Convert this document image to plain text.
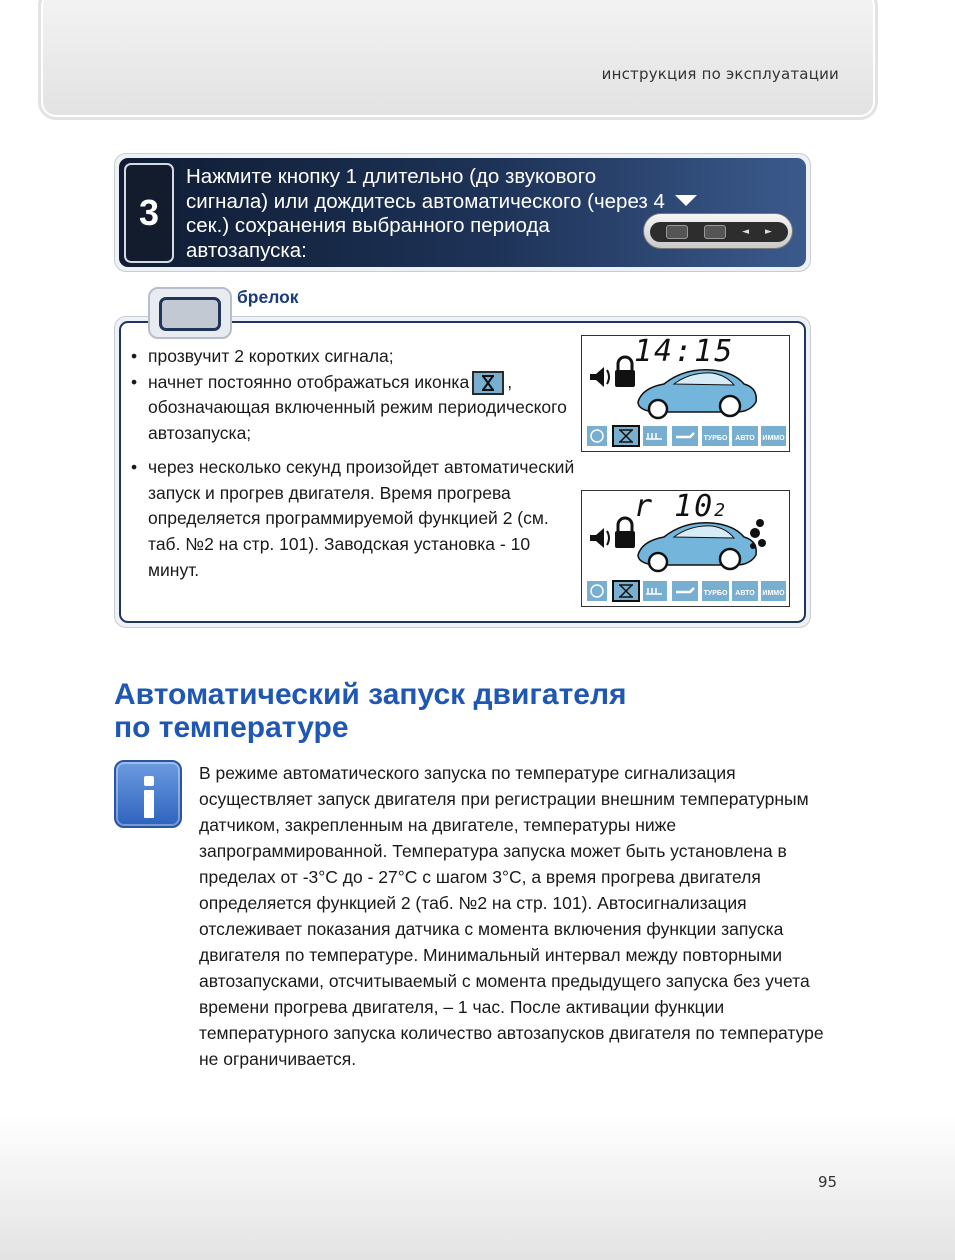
инструкция по эксплуатации
3
Нажмите кнопку 1 длительно (до звукового сигнала) или дождитесь автоматического (через 4 сек.) сохранения выбранного периода автозапуска:
◄ ►
брелок
• прозвучит 2 коротких сигнала;
• начнет постоянно отображаться иконка , обозначающая включенный режим периодического автозапуска;
• через несколько секунд произойдет автоматический запуск и прогрев двигателя. Время прогрева определяется программируемой функцией 2 (см. таб. №2 на стр. 101). Заводская установка - 10 минут.
14:15
ТУРБО АВТО ИММО
r 102
ТУРБО АВТО ИММО
Автоматический запуск двигателя
по температуре
В режиме автоматического запуска по температуре сигнализация осуществляет запуск двигателя при регистрации внешним температурным датчиком, закрепленным на двигателе, температуры ниже запрограммированной. Температура запуска может быть установлена в пределах от -3°С до - 27°С с шагом 3°С, а время прогрева двигателя определяется функцией 2 (таб. №2 на стр. 101). Автосигнализация отслеживает показания датчика с момента включения функции запуска двигателя по температуре. Минимальный интервал между повторными автозапусками, отсчитываемый с момента предыдущего запуска без учета времени прогрева двигателя, – 1 час. После активации функции температурного запуска количество автозапусков двигателя по температуре не ограничивается.
95
